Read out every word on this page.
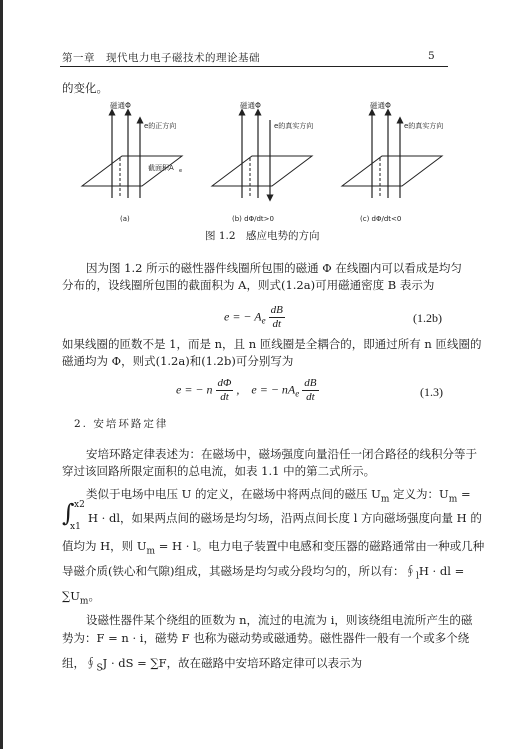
第一章　现代电力电子磁技术的理论基础	5
的变化。
磁通Φ
e的正方向
截面积A e
(a)
磁通Φ
e的真实方向
(b) dΦ/dt>0
磁通Φ
e的真实方向
(c) dΦ/dt<0
图 1.2　感应电势的方向
因为图 1.2 所示的磁性器件线圈所包围的磁通 Φ 在线圈内可以看成是均匀
分布的，设线圈所包围的截面积为 A，则式(1.2a)可用磁通密度 B 表示为
e = − $A_e \frac{dB}{dt}$	(1.2b)
如果线圈的匝数不是 1，而是 n，且 n 匝线圈是全耦合的，即通过所有 n 匝线圈的
磁通均为 Φ，则式(1.2a)和(1.2b)可分别写为
e = − n $\frac{d\Phi}{dt}$ ,    e = − $nA_e \frac{dB}{dt}$	(1.3)
2. 安培环路定律
安培环路定律表述为：在磁场中，磁场强度向量沿任一闭合路径的线积分等于
穿过该回路所限定面积的总电流，如表 1.1 中的第二式所示。
类似于电场中电压 U 的定义，在磁场中将两点间的磁压 $U_m$ 定义为：$U_m$ =
∫ x2
x1
H · dl，如果两点间的磁场是均匀场，沿两点间长度 l 方向磁场强度向量 H 的
值均为 H，则 $U_m = H \cdot l$。电力电子装置中电感和变压器的磁路通常由一种或几种
导磁介质(铁心和气隙)组成，其磁场是均匀或分段均匀的，所以有：$∮_lH$ · dl =
$\sum U_m$。
设磁性器件某个绕组的匝数为 n，流过的电流为 i，则该绕组电流所产生的磁
势为：F = n · i，磁势 F 也称为磁动势或磁通势。磁性器件一般有一个或多个绕
组，$∮_SJ$ · dS = ∑F，故在磁路中安培环路定律可以表示为
